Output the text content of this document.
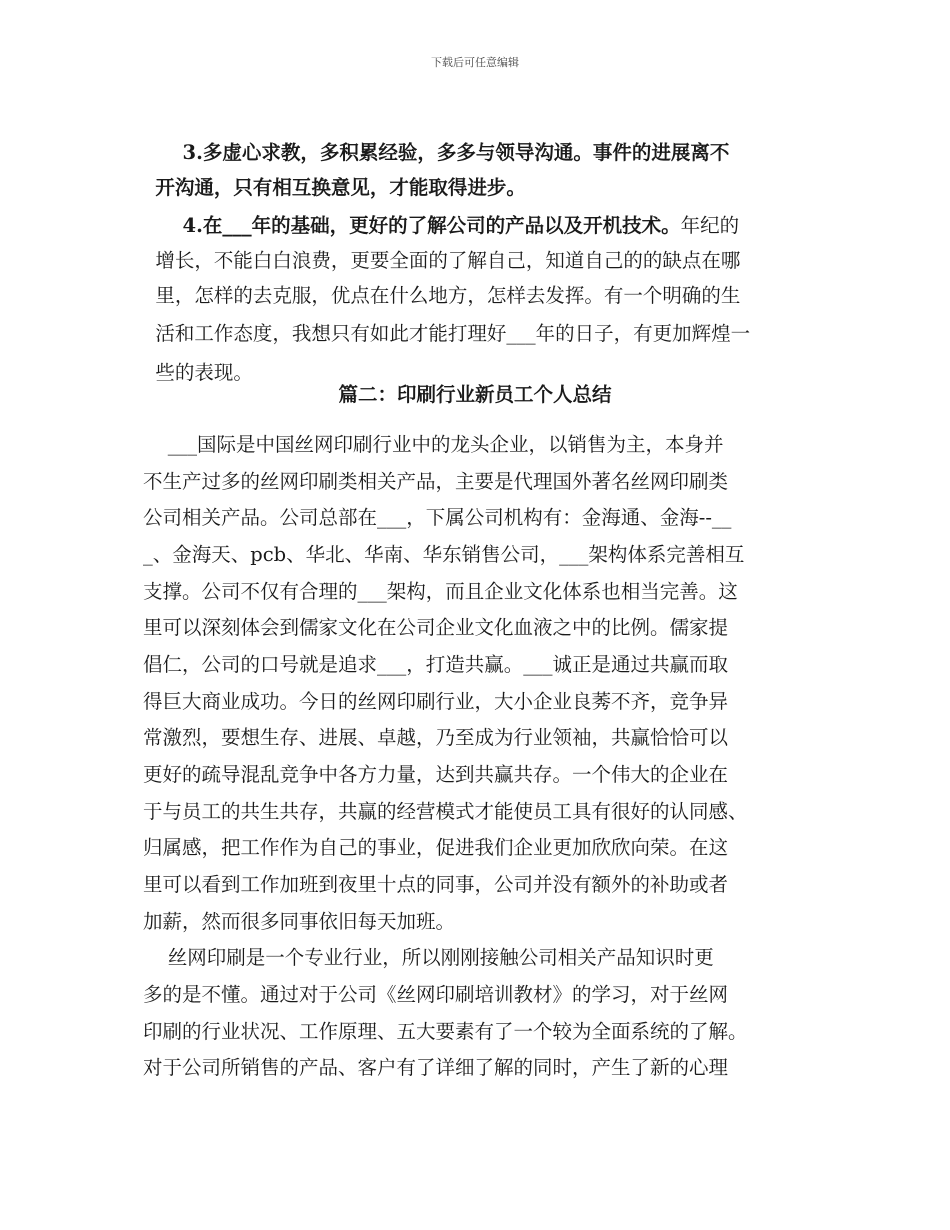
下载后可任意编辑

3.多虚心求教，多积累经验，多多与领导沟通。事件的进展离不

开沟通，只有相互换意见，才能取得进步。

4.在___年的基础，更好的了解公司的产品以及开机技术。年纪的

增长，不能白白浪费，更要全面的了解自己，知道自己的的缺点在哪

里，怎样的去克服，优点在什么地方，怎样去发挥。有一个明确的生

活和工作态度，我想只有如此才能打理好___年的日子，有更加辉煌一

些的表现。

篇二：印刷行业新员工个人总结
___国际是中国丝网印刷行业中的龙头企业，以销售为主，本身并
不生产过多的丝网印刷类相关产品，主要是代理国外著名丝网印刷类
公司相关产品。公司总部在___，下属公司机构有：金海通、金海--__
_、金海天、pcb、华北、华南、华东销售公司，___架构体系完善相互
支撑。公司不仅有合理的___架构，而且企业文化体系也相当完善。这
里可以深刻体会到儒家文化在公司企业文化血液之中的比例。儒家提
倡仁，公司的口号就是追求___，打造共赢。___诚正是通过共赢而取
得巨大商业成功。今日的丝网印刷行业，大小企业良莠不齐，竞争异
常激烈，要想生存、进展、卓越，乃至成为行业领袖，共赢恰恰可以
更好的疏导混乱竞争中各方力量，达到共赢共存。一个伟大的企业在
于与员工的共生共存，共赢的经营模式才能使员工具有很好的认同感、
归属感，把工作作为自己的事业，促进我们企业更加欣欣向荣。在这
里可以看到工作加班到夜里十点的同事，公司并没有额外的补助或者
加薪，然而很多同事依旧每天加班。
丝网印刷是一个专业行业，所以刚刚接触公司相关产品知识时更
多的是不懂。通过对于公司《丝网印刷培训教材》的学习，对于丝网
印刷的行业状况、工作原理、五大要素有了一个较为全面系统的了解。
对于公司所销售的产品、客户有了详细了解的同时，产生了新的心理
